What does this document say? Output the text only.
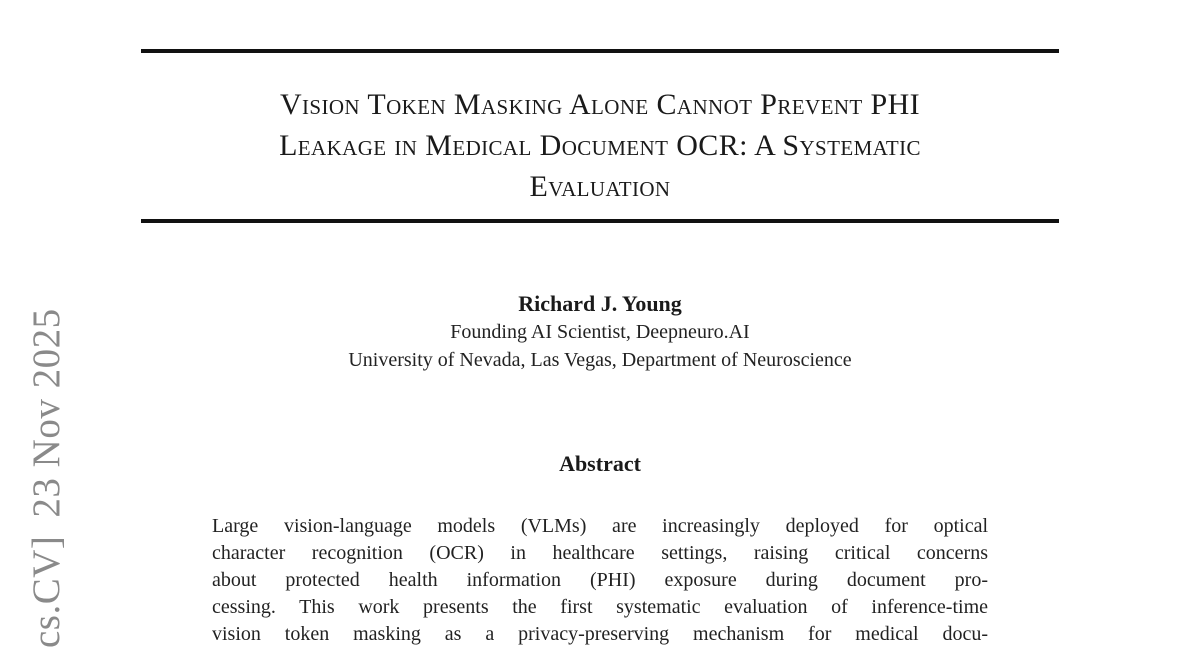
Vision Token Masking Alone Cannot Prevent PHI
Leakage in Medical Document OCR: A Systematic
Evaluation
Richard J. Young
Founding AI Scientist, Deepneuro.AI
University of Nevada, Las Vegas, Department of Neuroscience
Abstract
Large vision-language models (VLMs) are increasingly deployed for optical
character recognition (OCR) in healthcare settings, raising critical concerns
about protected health information (PHI) exposure during document pro-
cessing. This work presents the first systematic evaluation of inference-time
vision token masking as a privacy-preserving mechanism for medical docu-
cs.CV]23 Nov 2025
